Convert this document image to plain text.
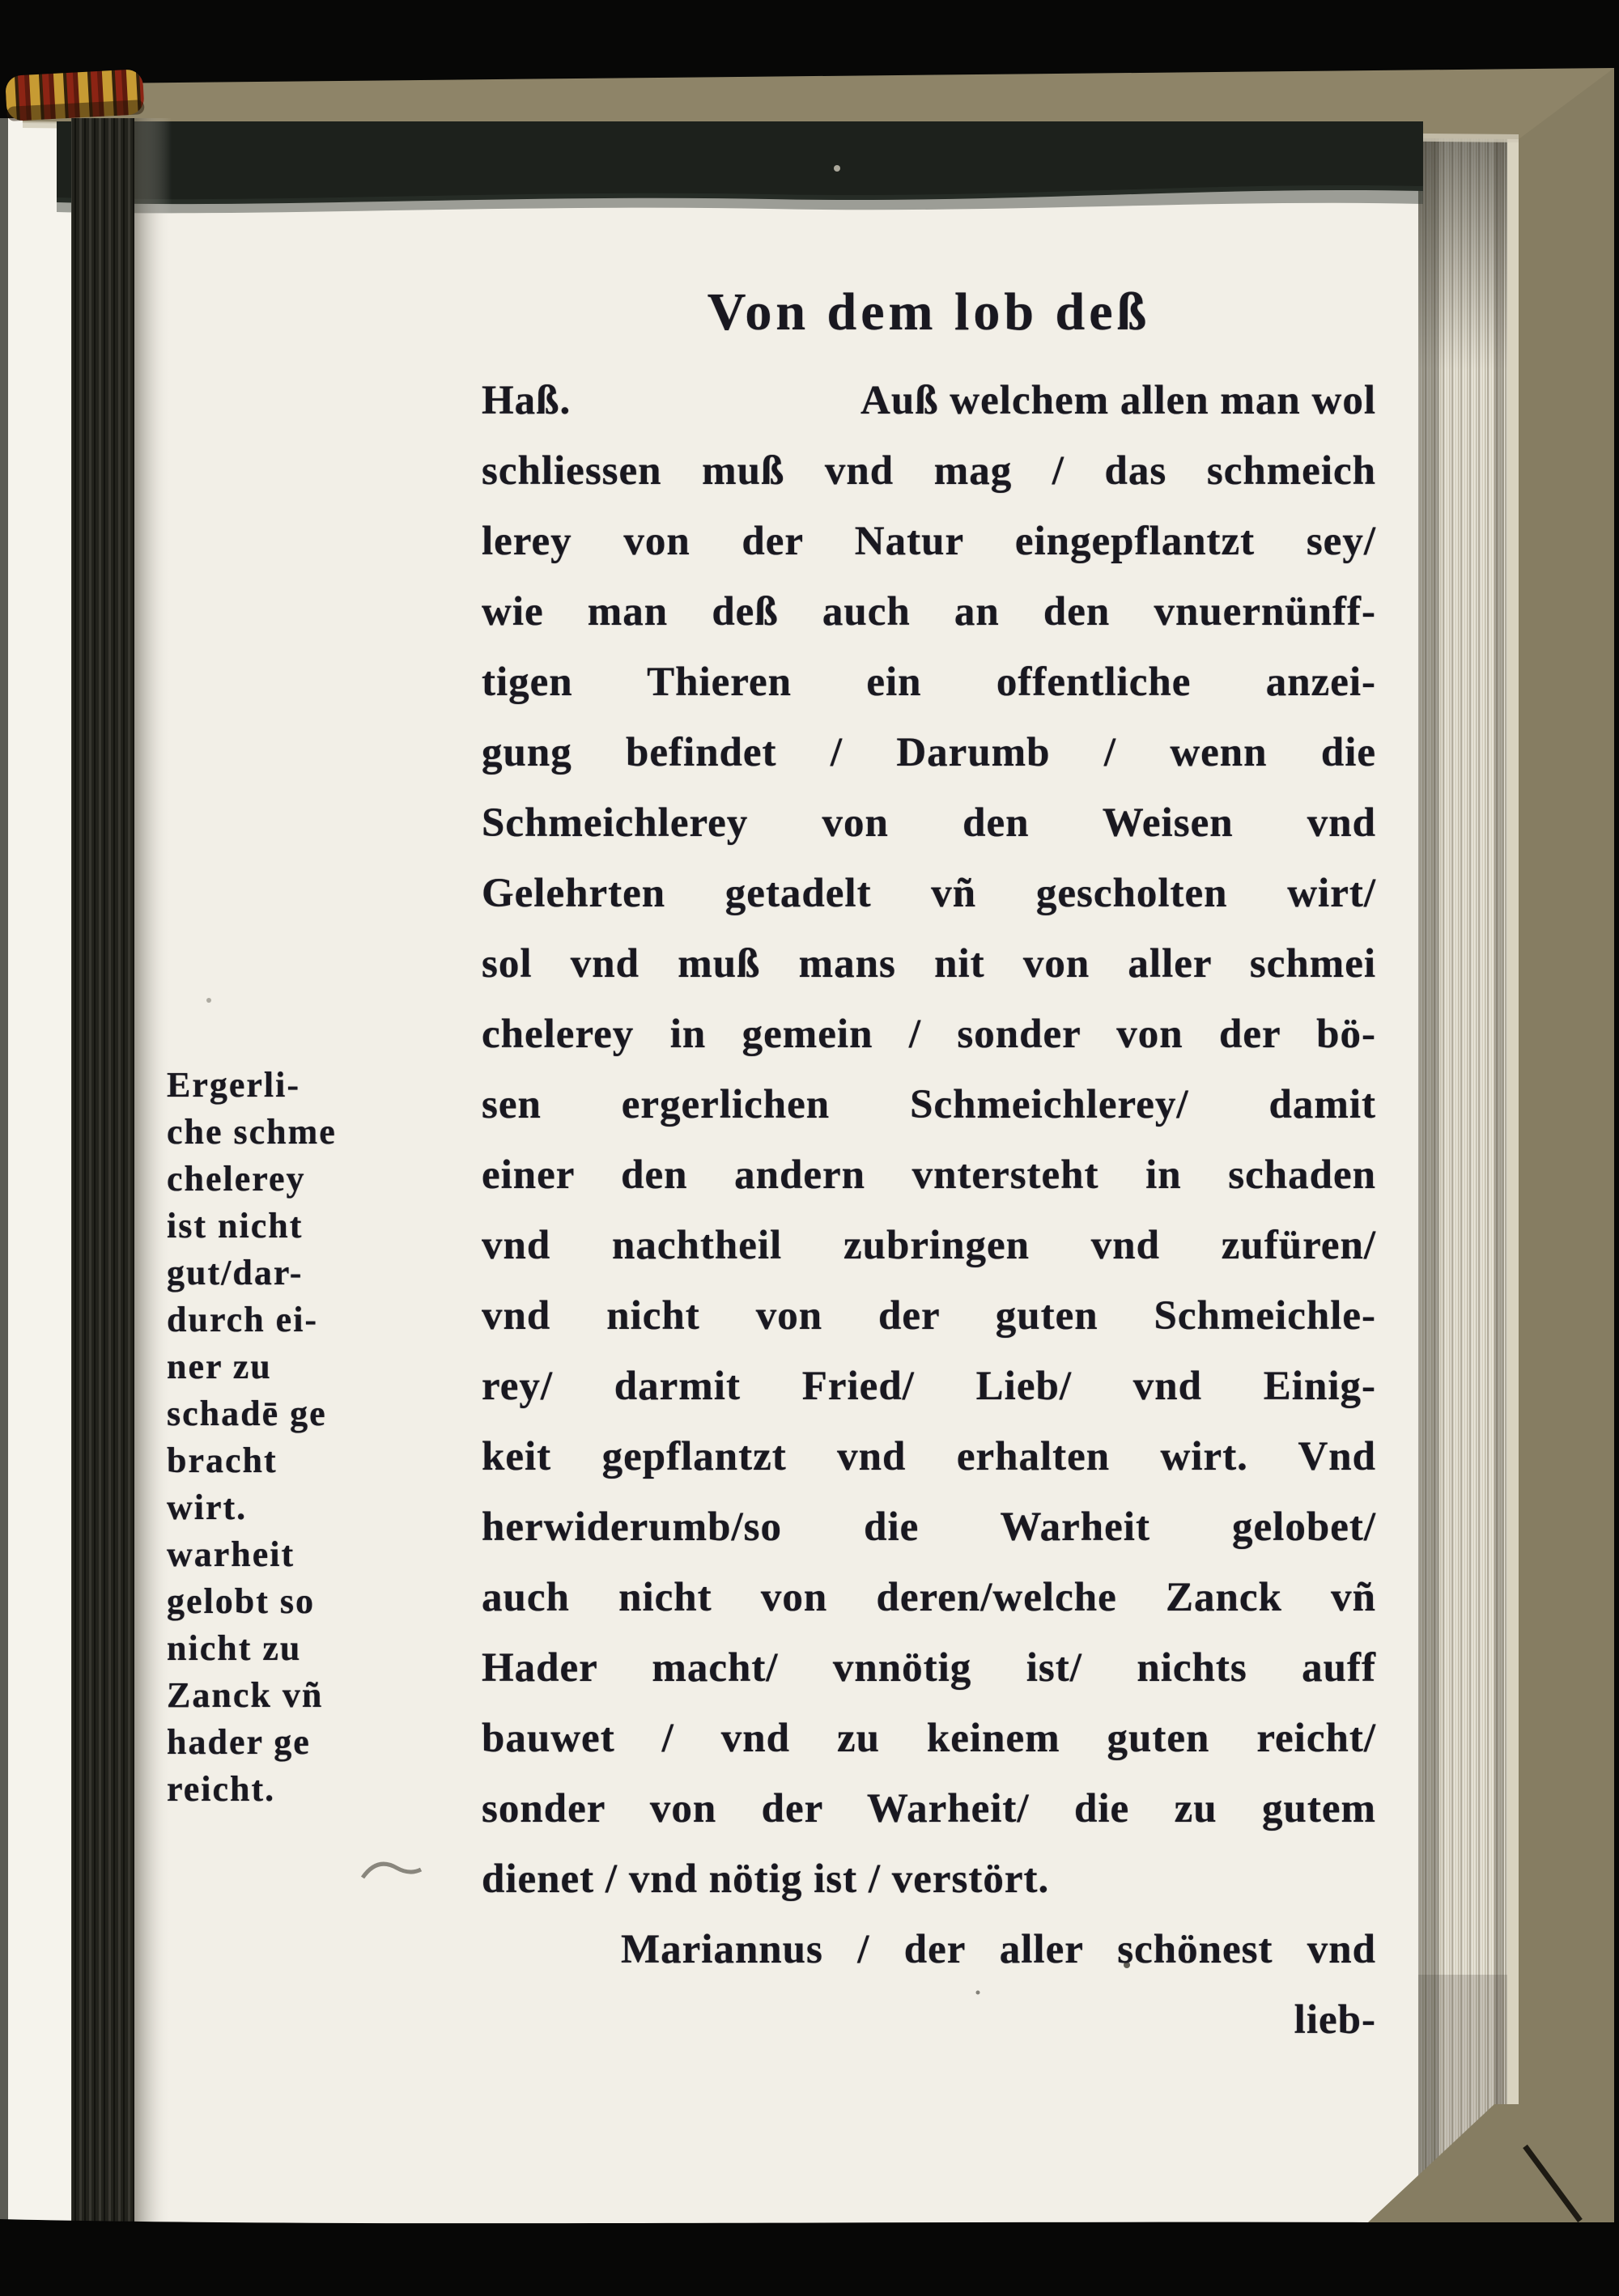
Von dem lob deß
Haß.	Auß welchem allen man wol
schliessen muß vnd mag / das schmeich
lerey von der Natur eingepflantzt sey/
wie man deß auch an den vnuernünff-
tigen Thieren ein offentliche anzei-
gung befindet / Darumb / wenn die
Schmeichlerey von den Weisen vnd
Gelehrten getadelt vñ gescholten wirt/
sol vnd muß mans nit von aller schmei
chelerey in gemein / sonder von der bö-
sen ergerlichen Schmeichlerey/ damit
einer den andern vntersteht in schaden
vnd nachtheil zubringen vnd zufüren/
vnd nicht von der guten Schmeichle-
rey/ darmit Fried/ Lieb/ vnd Einig-
keit gepflantzt vnd erhalten wirt. Vnd
herwiderumb/so die Warheit gelobet/
auch nicht von deren/welche Zanck vñ
Hader macht/ vnnötig ist/ nichts auff
bauwet / vnd zu keinem guten reicht/
sonder von der Warheit/ die zu gutem
dienet / vnd nötig ist / verstört.
Mariannus / der aller schönest vnd
lieb-
Ergerli-
che schme
chelerey
ist nicht
gut/dar-
durch ei-
ner zu
schadē ge
bracht
wirt.
warheit
gelobt so
nicht zu
Zanck vñ
hader ge
reicht.
